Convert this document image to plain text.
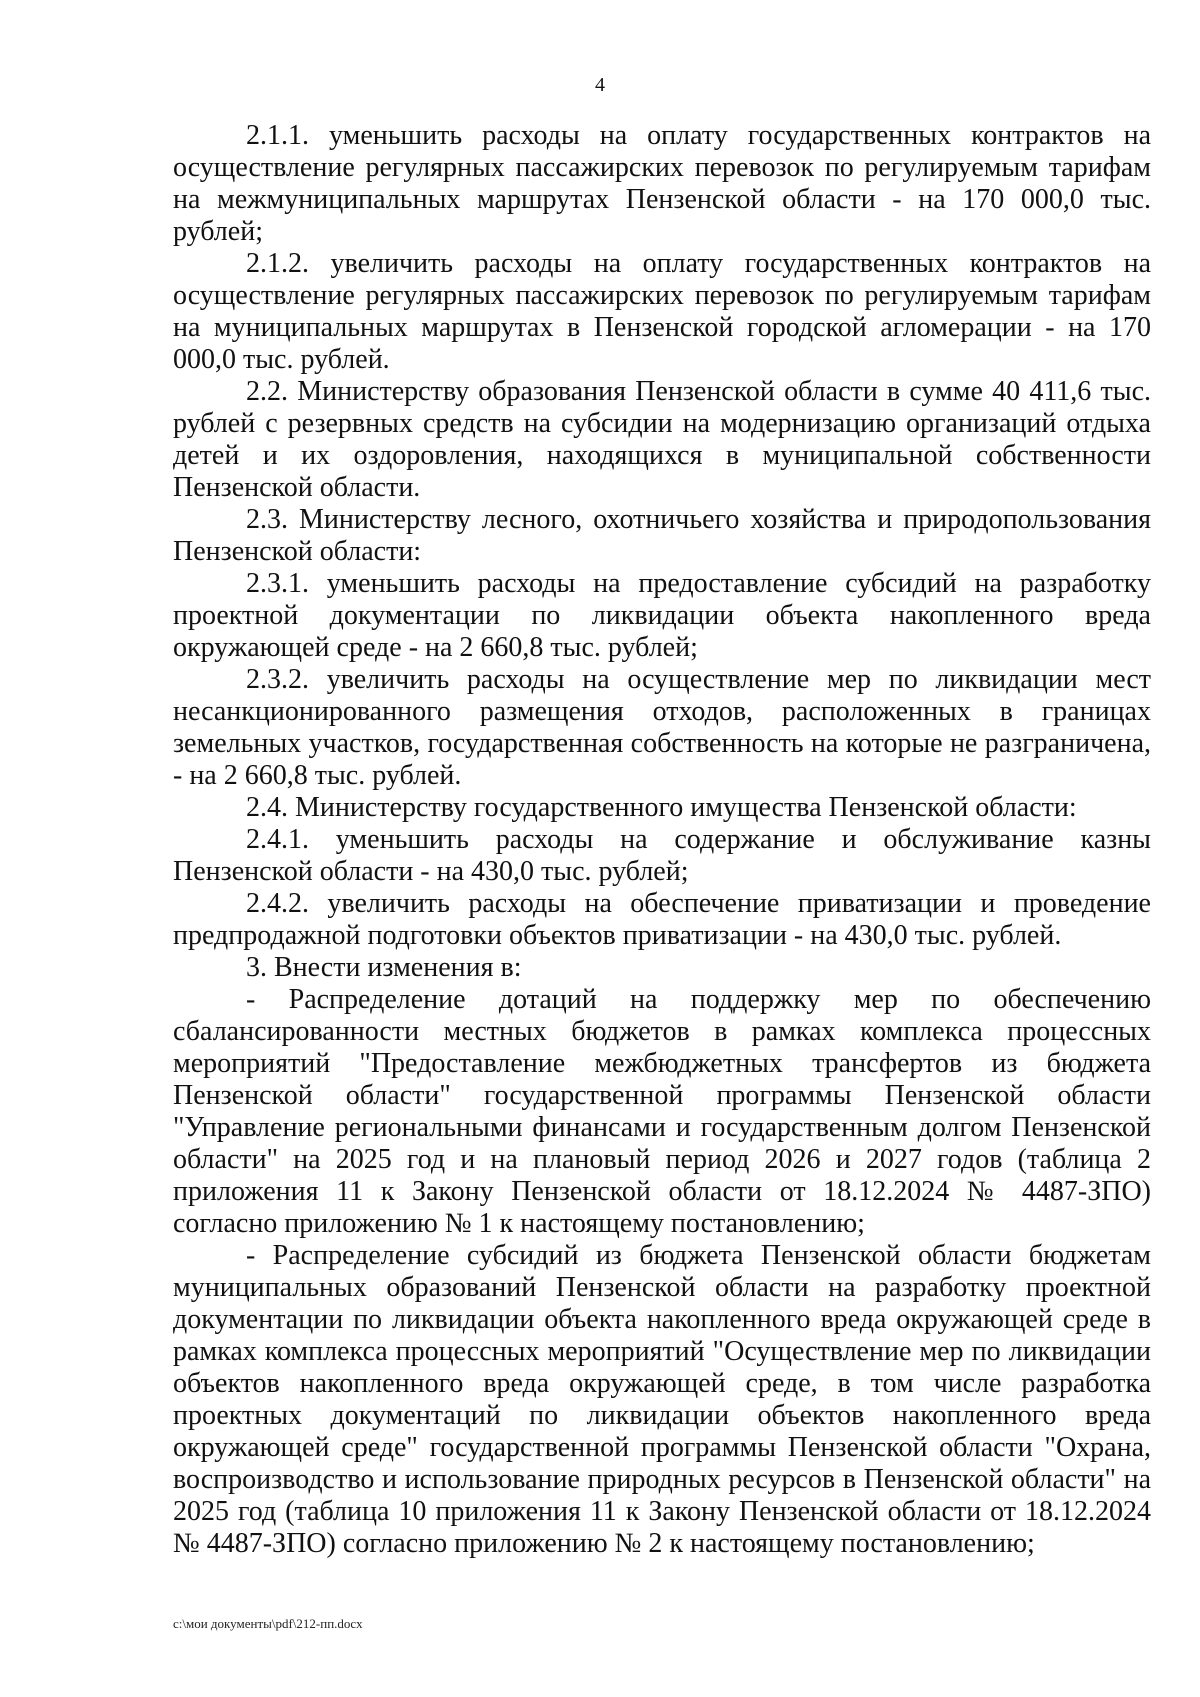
4

2.1.1. уменьшить расходы на оплату государственных контрактов на осуществление регулярных пассажирских перевозок по регулируемым тарифам на межмуниципальных маршрутах Пензенской области - на 170 000,0 тыс. рублей;

2.1.2. увеличить расходы на оплату государственных контрактов на осуществление регулярных пассажирских перевозок по регулируемым тарифам на муниципальных маршрутах в Пензенской городской агломерации - на 170 000,0 тыс. рублей.

2.2. Министерству образования Пензенской области в сумме 40 411,6 тыс. рублей с резервных средств на субсидии на модернизацию организаций отдыха детей и их оздоровления, находящихся в муниципальной собственности Пензенской области.

2.3. Министерству лесного, охотничьего хозяйства и природопользования Пензенской области:

2.3.1. уменьшить расходы на предоставление субсидий на разработку проектной документации по ликвидации объекта накопленного вреда окружающей среде - на 2 660,8 тыс. рублей;

2.3.2. увеличить расходы на осуществление мер по ликвидации мест несанкционированного размещения отходов, расположенных в границах земельных участков, государственная собственность на которые не разграничена, - на 2 660,8 тыс. рублей.

2.4. Министерству государственного имущества Пензенской области:

2.4.1. уменьшить расходы на содержание и обслуживание казны Пензенской области - на 430,0 тыс. рублей;

2.4.2. увеличить расходы на обеспечение приватизации и проведение предпродажной подготовки объектов приватизации - на 430,0 тыс. рублей.

3. Внести изменения в:

- Распределение дотаций на поддержку мер по обеспечению сбалансированности местных бюджетов в рамках комплекса процессных мероприятий "Предоставление межбюджетных трансфертов из бюджета Пензенской области" государственной программы Пензенской области "Управление региональными финансами и государственным долгом Пензенской области" на 2025 год и на плановый период 2026 и 2027 годов (таблица 2 приложения 11 к Закону Пензенской области от 18.12.2024 № 4487-ЗПО) согласно приложению № 1 к настоящему постановлению;

- Распределение субсидий из бюджета Пензенской области бюджетам муниципальных образований Пензенской области на разработку проектной документации по ликвидации объекта накопленного вреда окружающей среде в рамках комплекса процессных мероприятий "Осуществление мер по ликвидации объектов накопленного вреда окружающей среде, в том числе разработка проектных документаций по ликвидации объектов накопленного вреда окружающей среде" государственной программы Пензенской области "Охрана, воспроизводство и использование природных ресурсов в Пензенской области" на 2025 год (таблица 10 приложения 11 к Закону Пензенской области от 18.12.2024 № 4487-ЗПО) согласно приложению № 2 к настоящему постановлению;

c:\мои документы\pdf\212-пп.docx
